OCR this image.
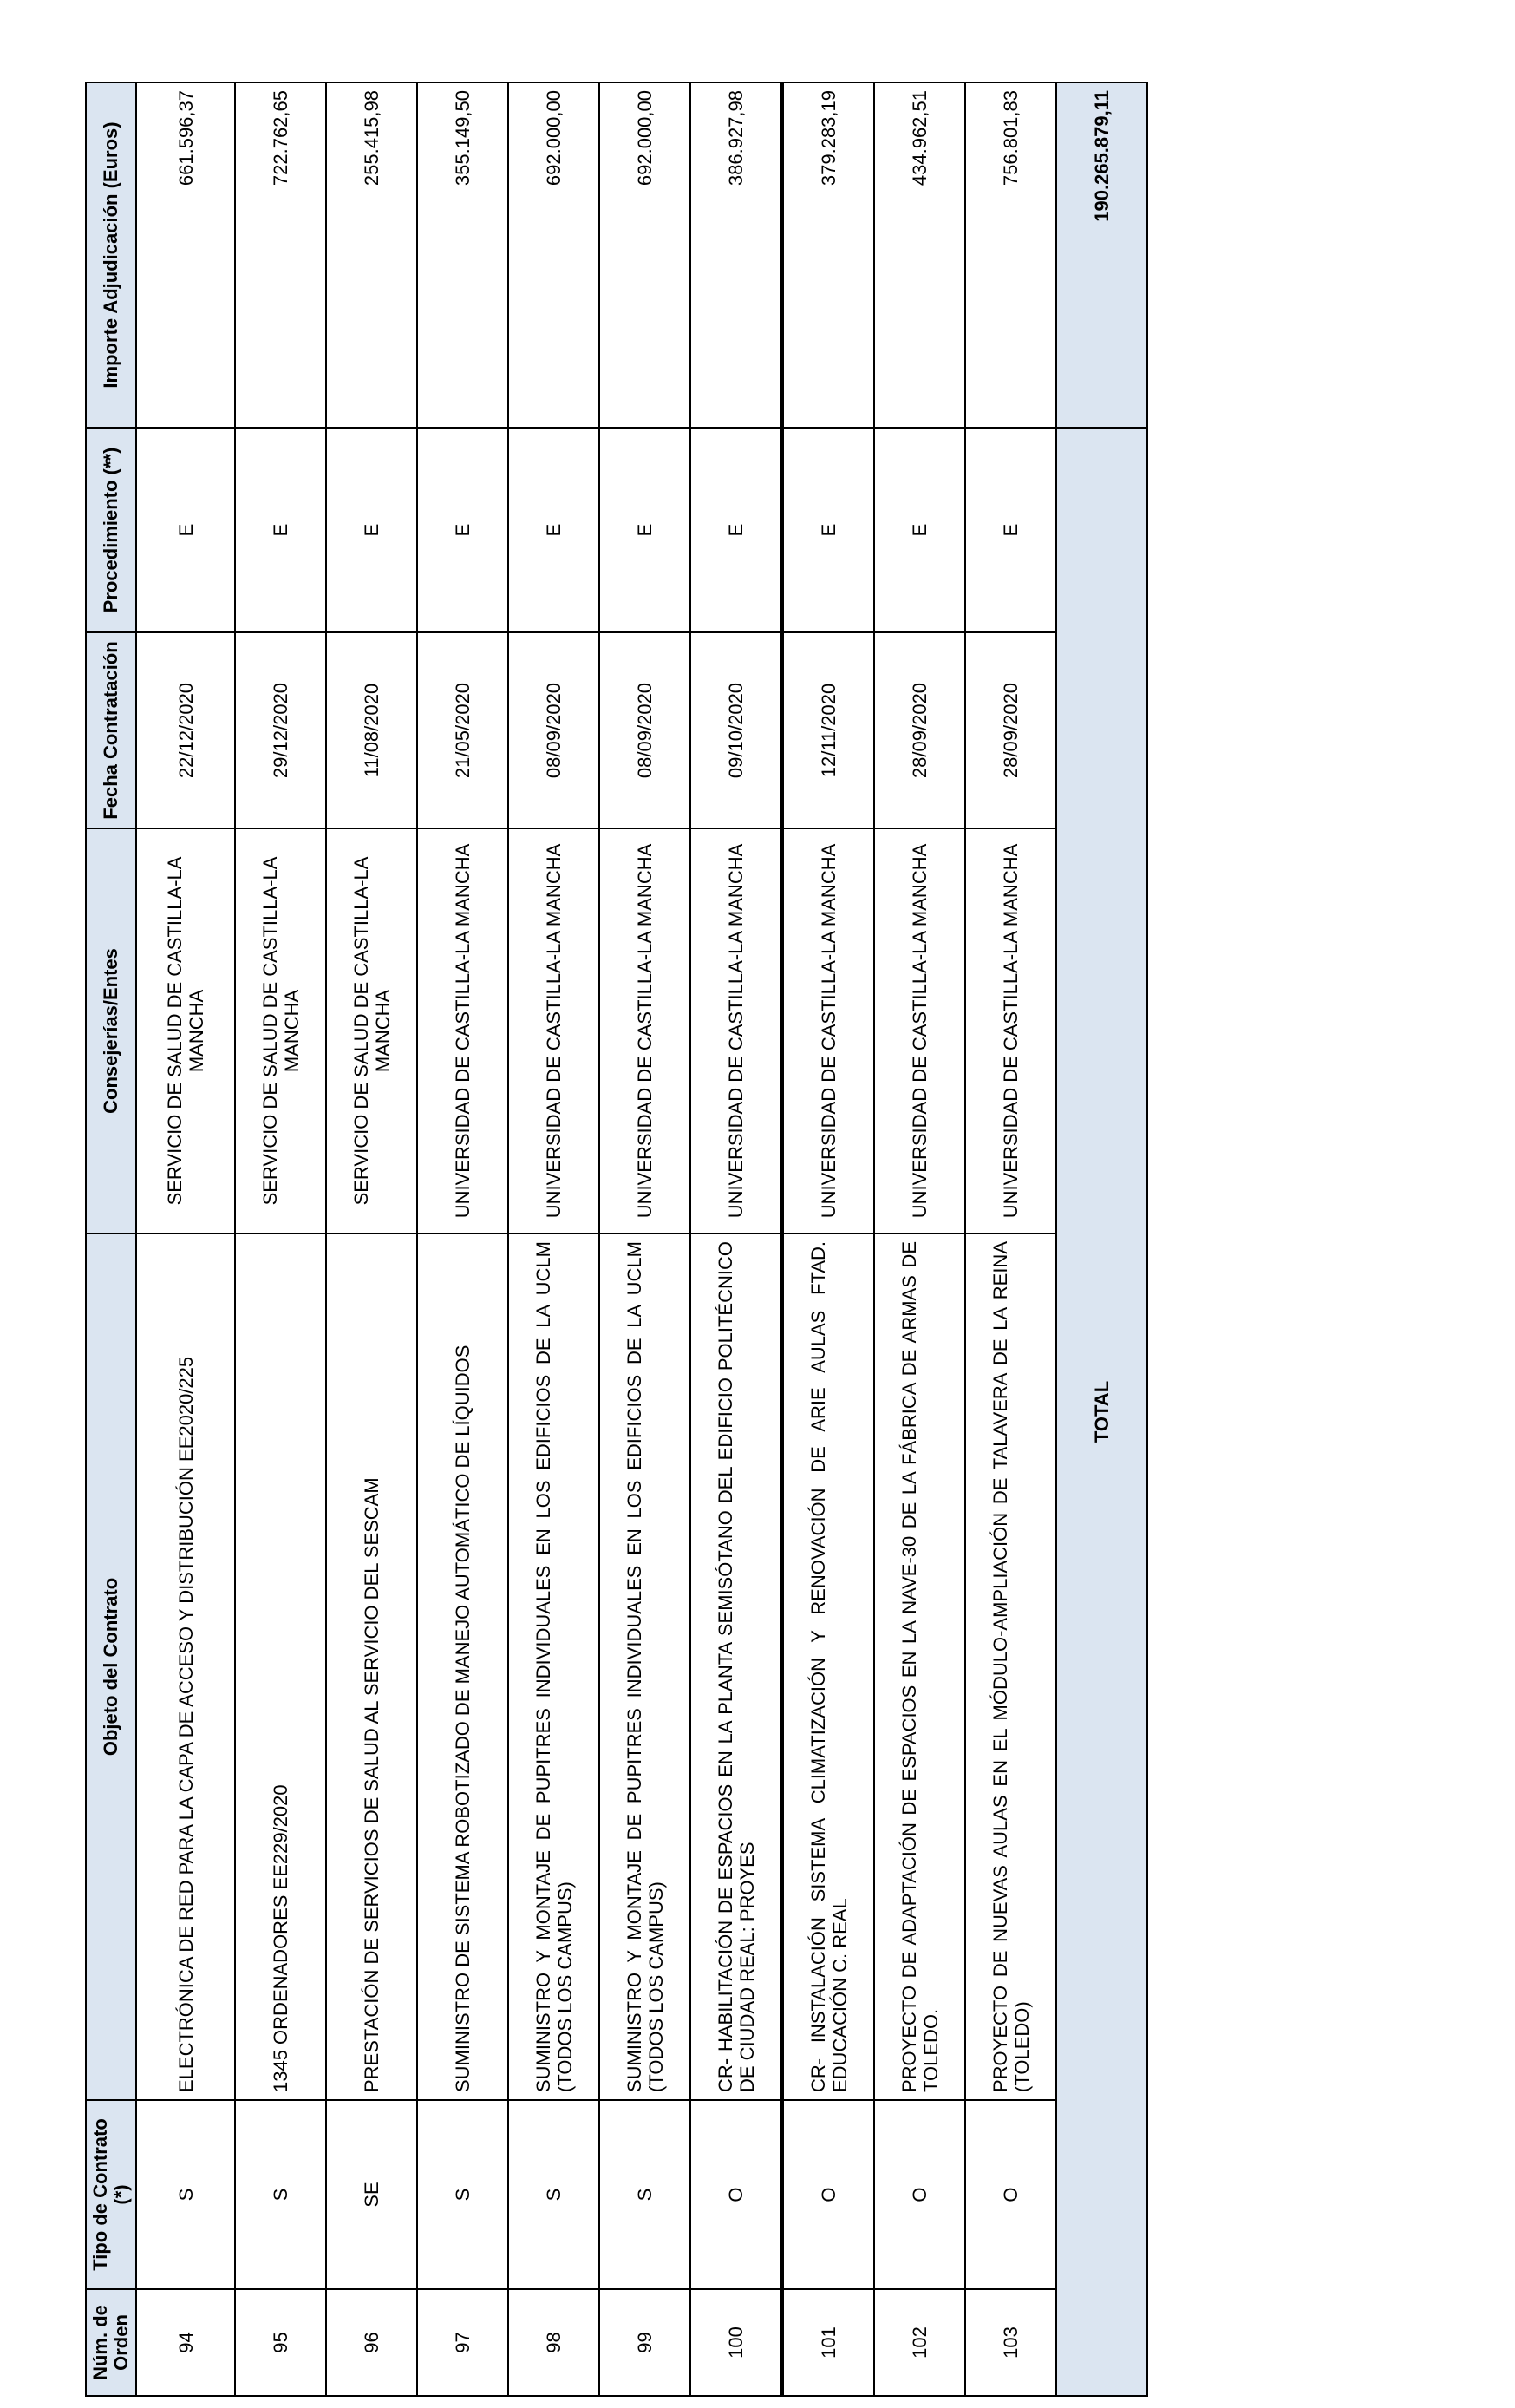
Núm. de Orden	Tipo de Contrato (*)	Objeto del Contrato	Consejerías/Entes	Fecha Contratación	Procedimiento (**)	Importe Adjudicación (Euros)
94	S	ELECTRÓNICA DE RED PARA LA CAPA DE ACCESO Y DISTRIBUCIÓN EE2020/225	SERVICIO DE SALUD DE CASTILLA-LA MANCHA	22/12/2020	E	661.596,37
95	S	1345 ORDENADORES EE229/2020	SERVICIO DE SALUD DE CASTILLA-LA MANCHA	29/12/2020	E	722.762,65
96	SE	PRESTACIÓN DE SERVICIOS DE SALUD AL SERVICIO DEL SESCAM	SERVICIO DE SALUD DE CASTILLA-LA MANCHA	11/08/2020	E	255.415,98
97	S	SUMINISTRO DE SISTEMA ROBOTIZADO DE MANEJO AUTOMÁTICO DE LÍQUIDOS	UNIVERSIDAD DE CASTILLA-LA MANCHA	21/05/2020	E	355.149,50
98	S	SUMINISTRO Y MONTAJE DE PUPITRES INDIVIDUALES EN LOS EDIFICIOS DE LA UCLM (TODOS LOS CAMPUS)	UNIVERSIDAD DE CASTILLA-LA MANCHA	08/09/2020	E	692.000,00
99	S	SUMINISTRO Y MONTAJE DE PUPITRES INDIVIDUALES EN LOS EDIFICIOS DE LA UCLM (TODOS LOS CAMPUS)	UNIVERSIDAD DE CASTILLA-LA MANCHA	08/09/2020	E	692.000,00
100	O	CR- HABILITACIÓN DE ESPACIOS EN LA PLANTA SEMISÓTANO DEL EDIFICIO POLITÉCNICO DE CIUDAD REAL: PROYES	UNIVERSIDAD DE CASTILLA-LA MANCHA	09/10/2020	E	386.927,98
101	O	CR- INSTALACIÓN SISTEMA CLIMATIZACIÓN Y RENOVACIÓN DE ARIE AULAS FTAD. EDUCACIÓN C. REAL	UNIVERSIDAD DE CASTILLA-LA MANCHA	12/11/2020	E	379.283,19
102	O	PROYECTO DE ADAPTACIÓN DE ESPACIOS EN LA NAVE-30 DE LA FÁBRICA DE ARMAS DE TOLEDO.	UNIVERSIDAD DE CASTILLA-LA MANCHA	28/09/2020	E	434.962,51
103	O	PROYECTO DE NUEVAS AULAS EN EL MÓDULO-AMPLIACIÓN DE TALAVERA DE LA REINA (TOLEDO)	UNIVERSIDAD DE CASTILLA-LA MANCHA	28/09/2020	E	756.801,83
TOTAL						190.265.879,11
